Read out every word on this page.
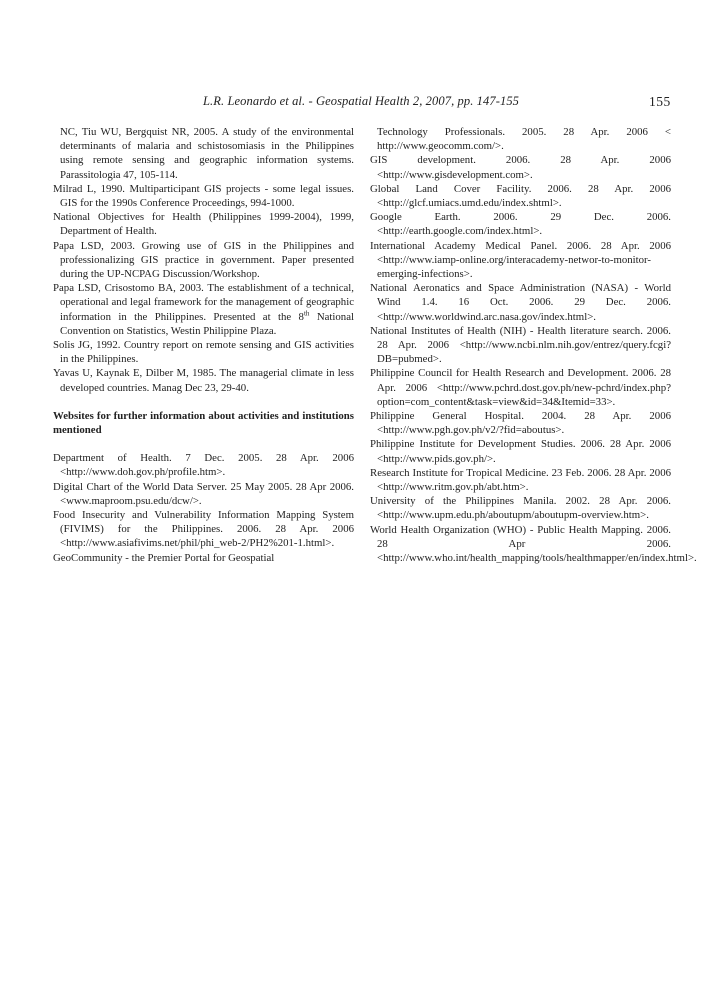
L.R. Leonardo et al. - Geospatial Health 2, 2007, pp. 147-155	155

NC, Tiu WU, Bergquist NR, 2005. A study of the environmental determinants of malaria and schistosomiasis in the Philippines using remote sensing and geographic information systems. Parassitologia 47, 105-114.

Milrad L, 1990. Multiparticipant GIS projects - some legal issues. GIS for the 1990s Conference Proceedings, 994-1000.

National Objectives for Health (Philippines 1999-2004), 1999, Department of Health.

Papa LSD, 2003. Growing use of GIS in the Philippines and professionalizing GIS practice in government. Paper presented during the UP-NCPAG Discussion/Workshop.

Papa LSD, Crisostomo BA, 2003. The establishment of a technical, operational and legal framework for the management of geographic information in the Philippines. Presented at the 8th National Convention on Statistics, Westin Philippine Plaza.

Solis JG, 1992. Country report on remote sensing and GIS activities in the Philippines.

Yavas U, Kaynak E, Dilber M, 1985. The managerial climate in less developed countries. Manag Dec 23, 29-40.

Websites for further information about activities and institutions mentioned

Department of Health. 7 Dec. 2005. 28 Apr. 2006 <http://www.doh.gov.ph/profile.htm>.

Digital Chart of the World Data Server. 25 May 2005. 28 Apr 2006. <www.maproom.psu.edu/dcw/>.

Food Insecurity and Vulnerability Information Mapping System (FIVIMS) for the Philippines. 2006. 28 Apr. 2006 <http://www.asiafivims.net/phil/phi_web-2/PH2%201-1.html>.

GeoCommunity - the Premier Portal for Geospatial

Technology Professionals. 2005. 28 Apr. 2006 < http://www.geocomm.com/>.

GIS development. 2006. 28 Apr. 2006 <http://www.gisdevelopment.com>.

Global Land Cover Facility. 2006. 28 Apr. 2006 <http://glcf.umiacs.umd.edu/index.shtml>.

Google Earth. 2006. 29 Dec. 2006. <http://earth.google.com/index.html>.

International Academy Medical Panel. 2006. 28 Apr. 2006 <http://www.iamp-online.org/interacademy-networ-to-monitor-emerging-infections>.

National Aeronatics and Space Administration (NASA) - World Wind 1.4. 16 Oct. 2006. 29 Dec. 2006. <http://www.worldwind.arc.nasa.gov/index.html>.

National Institutes of Health (NIH) - Health literature search. 2006. 28 Apr. 2006 <http://www.ncbi.nlm.nih.gov/entrez/query.fcgi?DB=pubmed>.

Philippine Council for Health Research and Development. 2006. 28 Apr. 2006 <http://www.pchrd.dost.gov.ph/new-pchrd/index.php?option=com_content&task=view&id=34&Itemid=33>.

Philippine General Hospital. 2004. 28 Apr. 2006 <http://www.pgh.gov.ph/v2/?fid=aboutus>.

Philippine Institute for Development Studies. 2006. 28 Apr. 2006 <http://www.pids.gov.ph/>.

Research Institute for Tropical Medicine. 23 Feb. 2006. 28 Apr. 2006 <http://www.ritm.gov.ph/abt.htm>.

University of the Philippines Manila. 2002. 28 Apr. 2006. <http://www.upm.edu.ph/aboutupm/aboutupm-overview.htm>.

World Health Organization (WHO) - Public Health Mapping. 2006. 28 Apr 2006. <http://www.who.int/health_mapping/tools/healthmapper/en/index.html>.
